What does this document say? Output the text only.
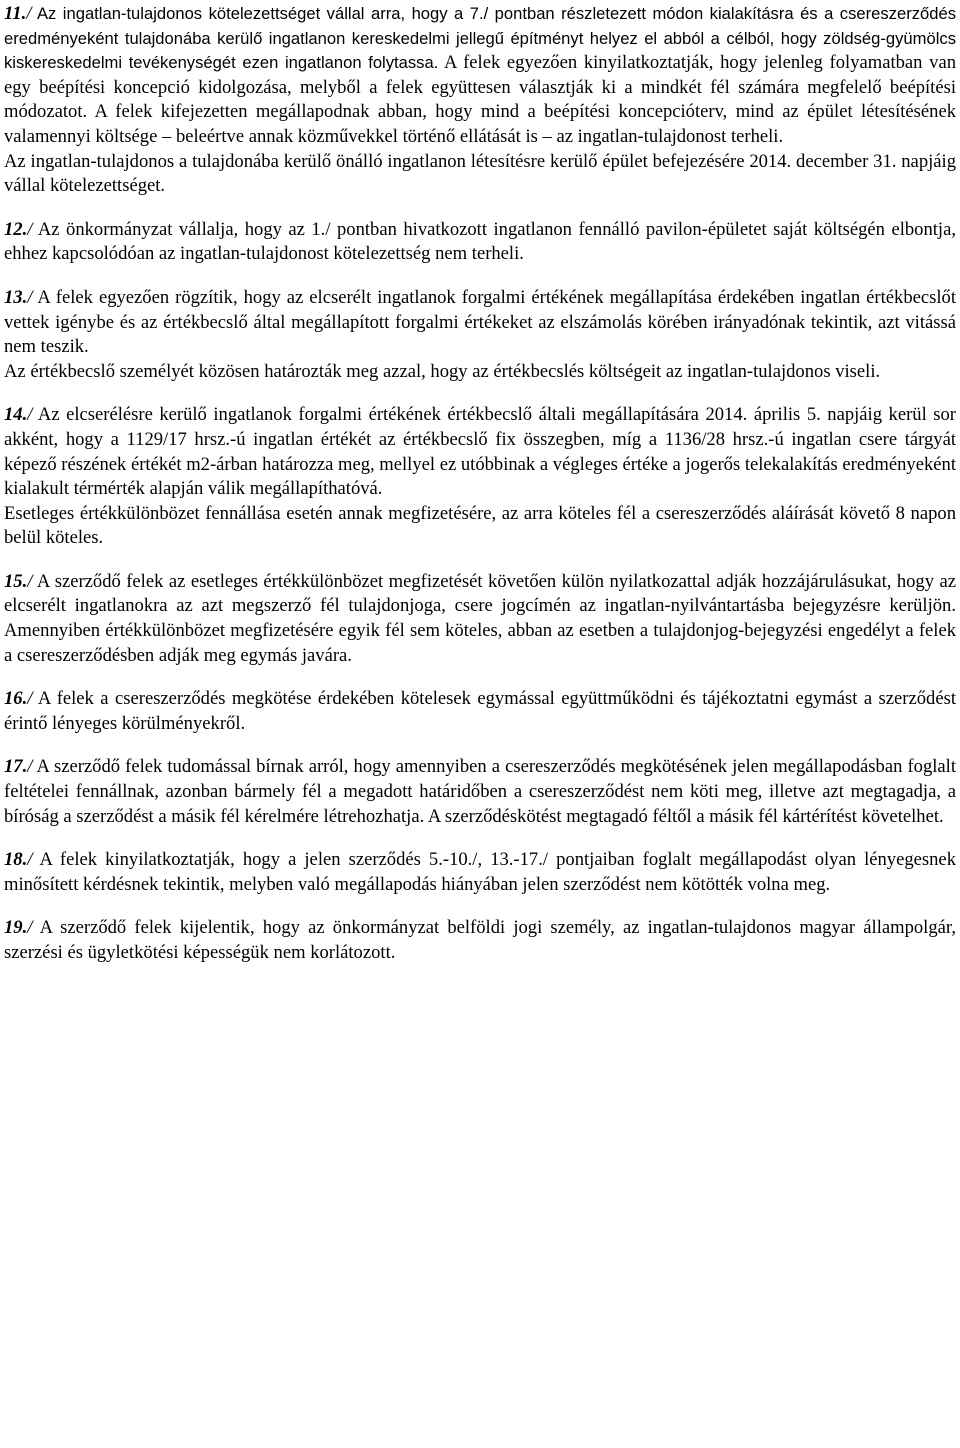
11./ Az ingatlan-tulajdonos kötelezettséget vállal arra, hogy a 7./ pontban részletezett módon kialakításra és a csereszerződés eredményeként tulajdonába kerülő ingatlanon kereskedelmi jellegű építményt helyez el abból a célból, hogy zöldség-gyümölcs kiskereskedelmi tevékenységét ezen ingatlanon folytassa. A felek egyezően kinyilatkoztatják, hogy jelenleg folyamatban van egy beépítési koncepció kidolgozása, melyből a felek együttesen választják ki a mindkét fél számára megfelelő beépítési módozatot. A felek kifejezetten megállapodnak abban, hogy mind a beépítési koncepcióterv, mind az épület létesítésének valamennyi költsége – beleértve annak közművekkel történő ellátását is – az ingatlan-tulajdonost terheli.

Az ingatlan-tulajdonos a tulajdonába kerülő önálló ingatlanon létesítésre kerülő épület befejezésére 2014. december 31. napjáig vállal kötelezettséget.

12./ Az önkormányzat vállalja, hogy az 1./ pontban hivatkozott ingatlanon fennálló pavilon-épületet saját költségén elbontja, ehhez kapcsolódóan az ingatlan-tulajdonost kötelezettség nem terheli.

13./ A felek egyezően rögzítik, hogy az elcserélt ingatlanok forgalmi értékének megállapítása érdekében ingatlan értékbecslőt vettek igénybe és az értékbecslő által megállapított forgalmi értékeket az elszámolás körében irányadónak tekintik, azt vitássá nem teszik.

Az értékbecslő személyét közösen határozták meg azzal, hogy az értékbecslés költségeit az ingatlan-tulajdonos viseli.

14./ Az elcserélésre kerülő ingatlanok forgalmi értékének értékbecslő általi megállapítására 2014. április 5. napjáig kerül sor akként, hogy a 1129/17 hrsz.-ú ingatlan értékét az értékbecslő fix összegben, míg a 1136/28 hrsz.-ú ingatlan csere tárgyát képező részének értékét m2-árban határozza meg, mellyel ez utóbbinak a végleges értéke a jogerős telekalakítás eredményeként kialakult térmérték alapján válik megállapíthatóvá.

Esetleges értékkülönbözet fennállása esetén annak megfizetésére, az arra köteles fél a csereszerződés aláírását követő 8 napon belül köteles.

15./ A szerződő felek az esetleges értékkülönbözet megfizetését követően külön nyilatkozattal adják hozzájárulásukat, hogy az elcserélt ingatlanokra az azt megszerző fél tulajdonjoga, csere jogcímén az ingatlan-nyilvántartásba bejegyzésre kerüljön. Amennyiben értékkülönbözet megfizetésére egyik fél sem köteles, abban az esetben a tulajdonjog-bejegyzési engedélyt a felek a csereszerződésben adják meg egymás javára.

16./ A felek a csereszerződés megkötése érdekében kötelesek egymással együttműködni és tájékoztatni egymást a szerződést érintő lényeges körülményekről.

17./ A szerződő felek tudomással bírnak arról, hogy amennyiben a csereszerződés megkötésének jelen megállapodásban foglalt feltételei fennállnak, azonban bármely fél a megadott határidőben a csereszerződést nem köti meg, illetve azt megtagadja, a bíróság a szerződést a másik fél kérelmére létrehozhatja. A szerződéskötést megtagadó féltől a másik fél kártérítést követelhet.

18./ A felek kinyilatkoztatják, hogy a jelen szerződés 5.-10./, 13.-17./ pontjaiban foglalt megállapodást olyan lényegesnek minősített kérdésnek tekintik, melyben való megállapodás hiányában jelen szerződést nem kötötték volna meg.

19./ A szerződő felek kijelentik, hogy az önkormányzat belföldi jogi személy, az ingatlan-tulajdonos magyar állampolgár, szerzési és ügyletkötési képességük nem korlátozott.
